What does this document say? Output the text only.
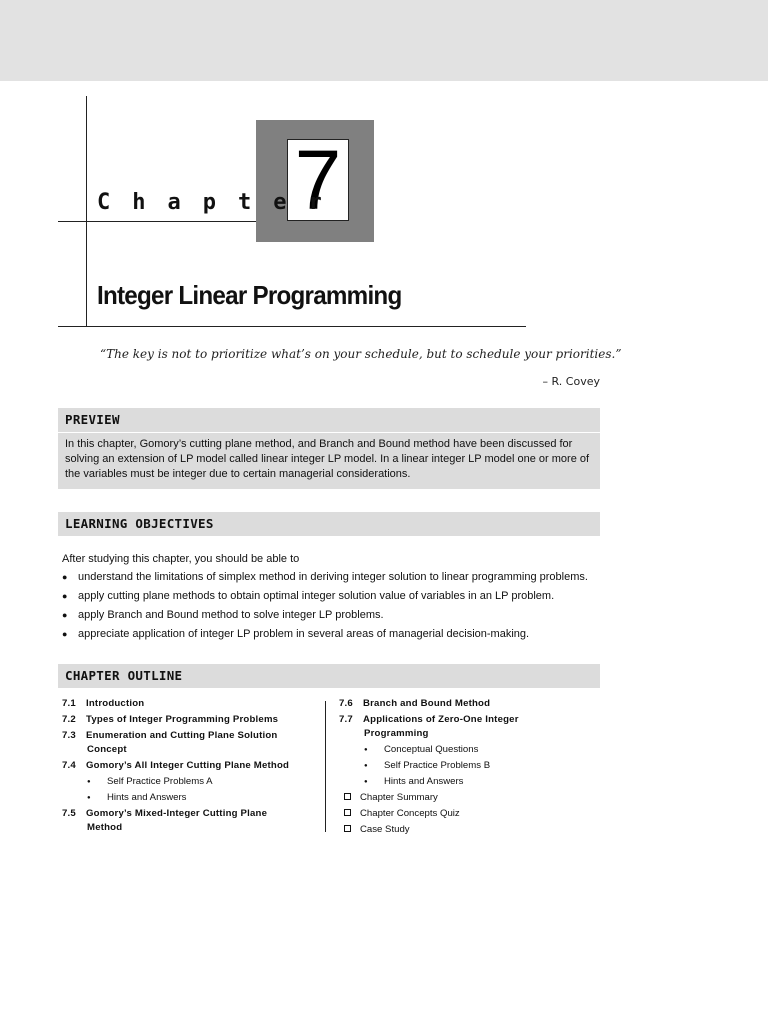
7
Chapter
Integer Linear Programming
“The key is not to prioritize what’s on your schedule, but to schedule your priorities.”
– R. Covey
PREVIEW
In this chapter, Gomory’s cutting plane method, and Branch and Bound method have been discussed for solving an extension of LP model called linear integer LP model. In a linear integer LP model one or more of the variables must be integer due to certain managerial considerations.
LEARNING OBJECTIVES
After studying this chapter, you should be able to
● understand the limitations of simplex method in deriving integer solution to linear programming problems.
● apply cutting plane methods to obtain optimal integer solution value of variables in an LP problem.
● apply Branch and Bound method to solve integer LP problems.
● appreciate application of integer LP problem in several areas of managerial decision-making.
CHAPTER OUTLINE
7.1 Introduction
7.2 Types of Integer Programming Problems
7.3 Enumeration and Cutting Plane Solution
Concept
7.4 Gomory’s All Integer Cutting Plane Method
● Self Practice Problems A
● Hints and Answers
7.5 Gomory’s Mixed-Integer Cutting Plane
Method
7.6 Branch and Bound Method
7.7 Applications of Zero-One Integer
Programming
● Conceptual Questions
● Self Practice Problems B
● Hints and Answers
Chapter Summary
Chapter Concepts Quiz
Case Study
